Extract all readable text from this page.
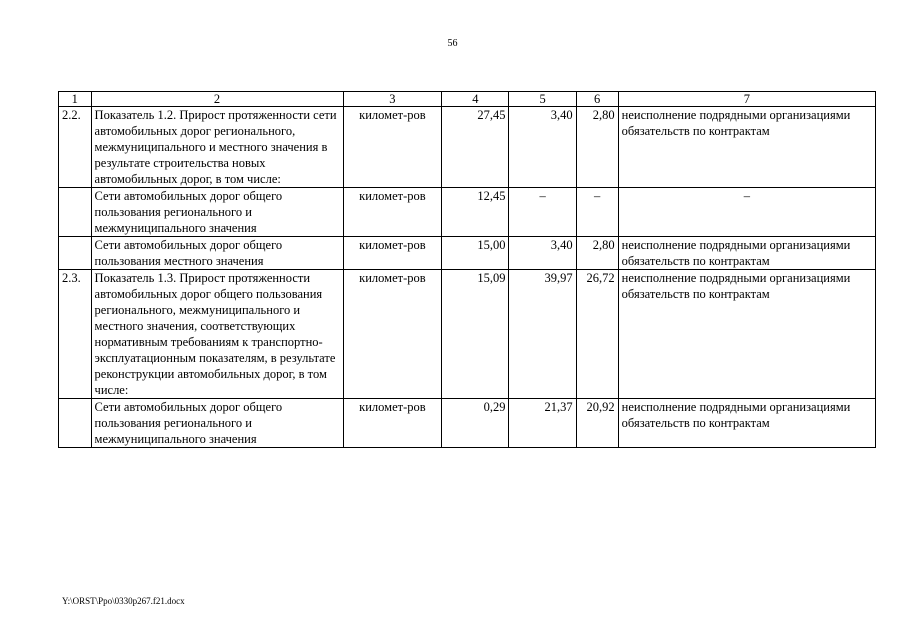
56
1	2	3	4	5	6	7
2.2.	Показатель 1.2. Прирост протяженности сети автомобильных дорог регионального, межмуниципального и местного значения в результате строительства новых автомобильных дорог, в том числе:	километ-ров	27,45	3,40	2,80	неисполнение подрядными организациями обязательств по контрактам
	Сети автомобильных дорог общего пользования регионального и межмуниципального значения	километ-ров	12,45	–	–	–
	Сети автомобильных дорог общего пользования местного значения	километ-ров	15,00	3,40	2,80	неисполнение подрядными организациями обязательств по контрактам
2.3.	Показатель 1.3. Прирост протяженности автомобильных дорог общего пользования регионального, межмуниципального и местного значения, соответствующих нормативным требованиям к транспортно-эксплуатационным показателям, в результате реконструкции автомобильных дорог, в том числе:	километ-ров	15,09	39,97	26,72	неисполнение подрядными организациями обязательств по контрактам
	Сети автомобильных дорог общего пользования регионального и межмуниципального значения	километ-ров	0,29	21,37	20,92	неисполнение подрядными организациями обязательств по контрактам
Y:\ORST\Ppo\0330p267.f21.docx
